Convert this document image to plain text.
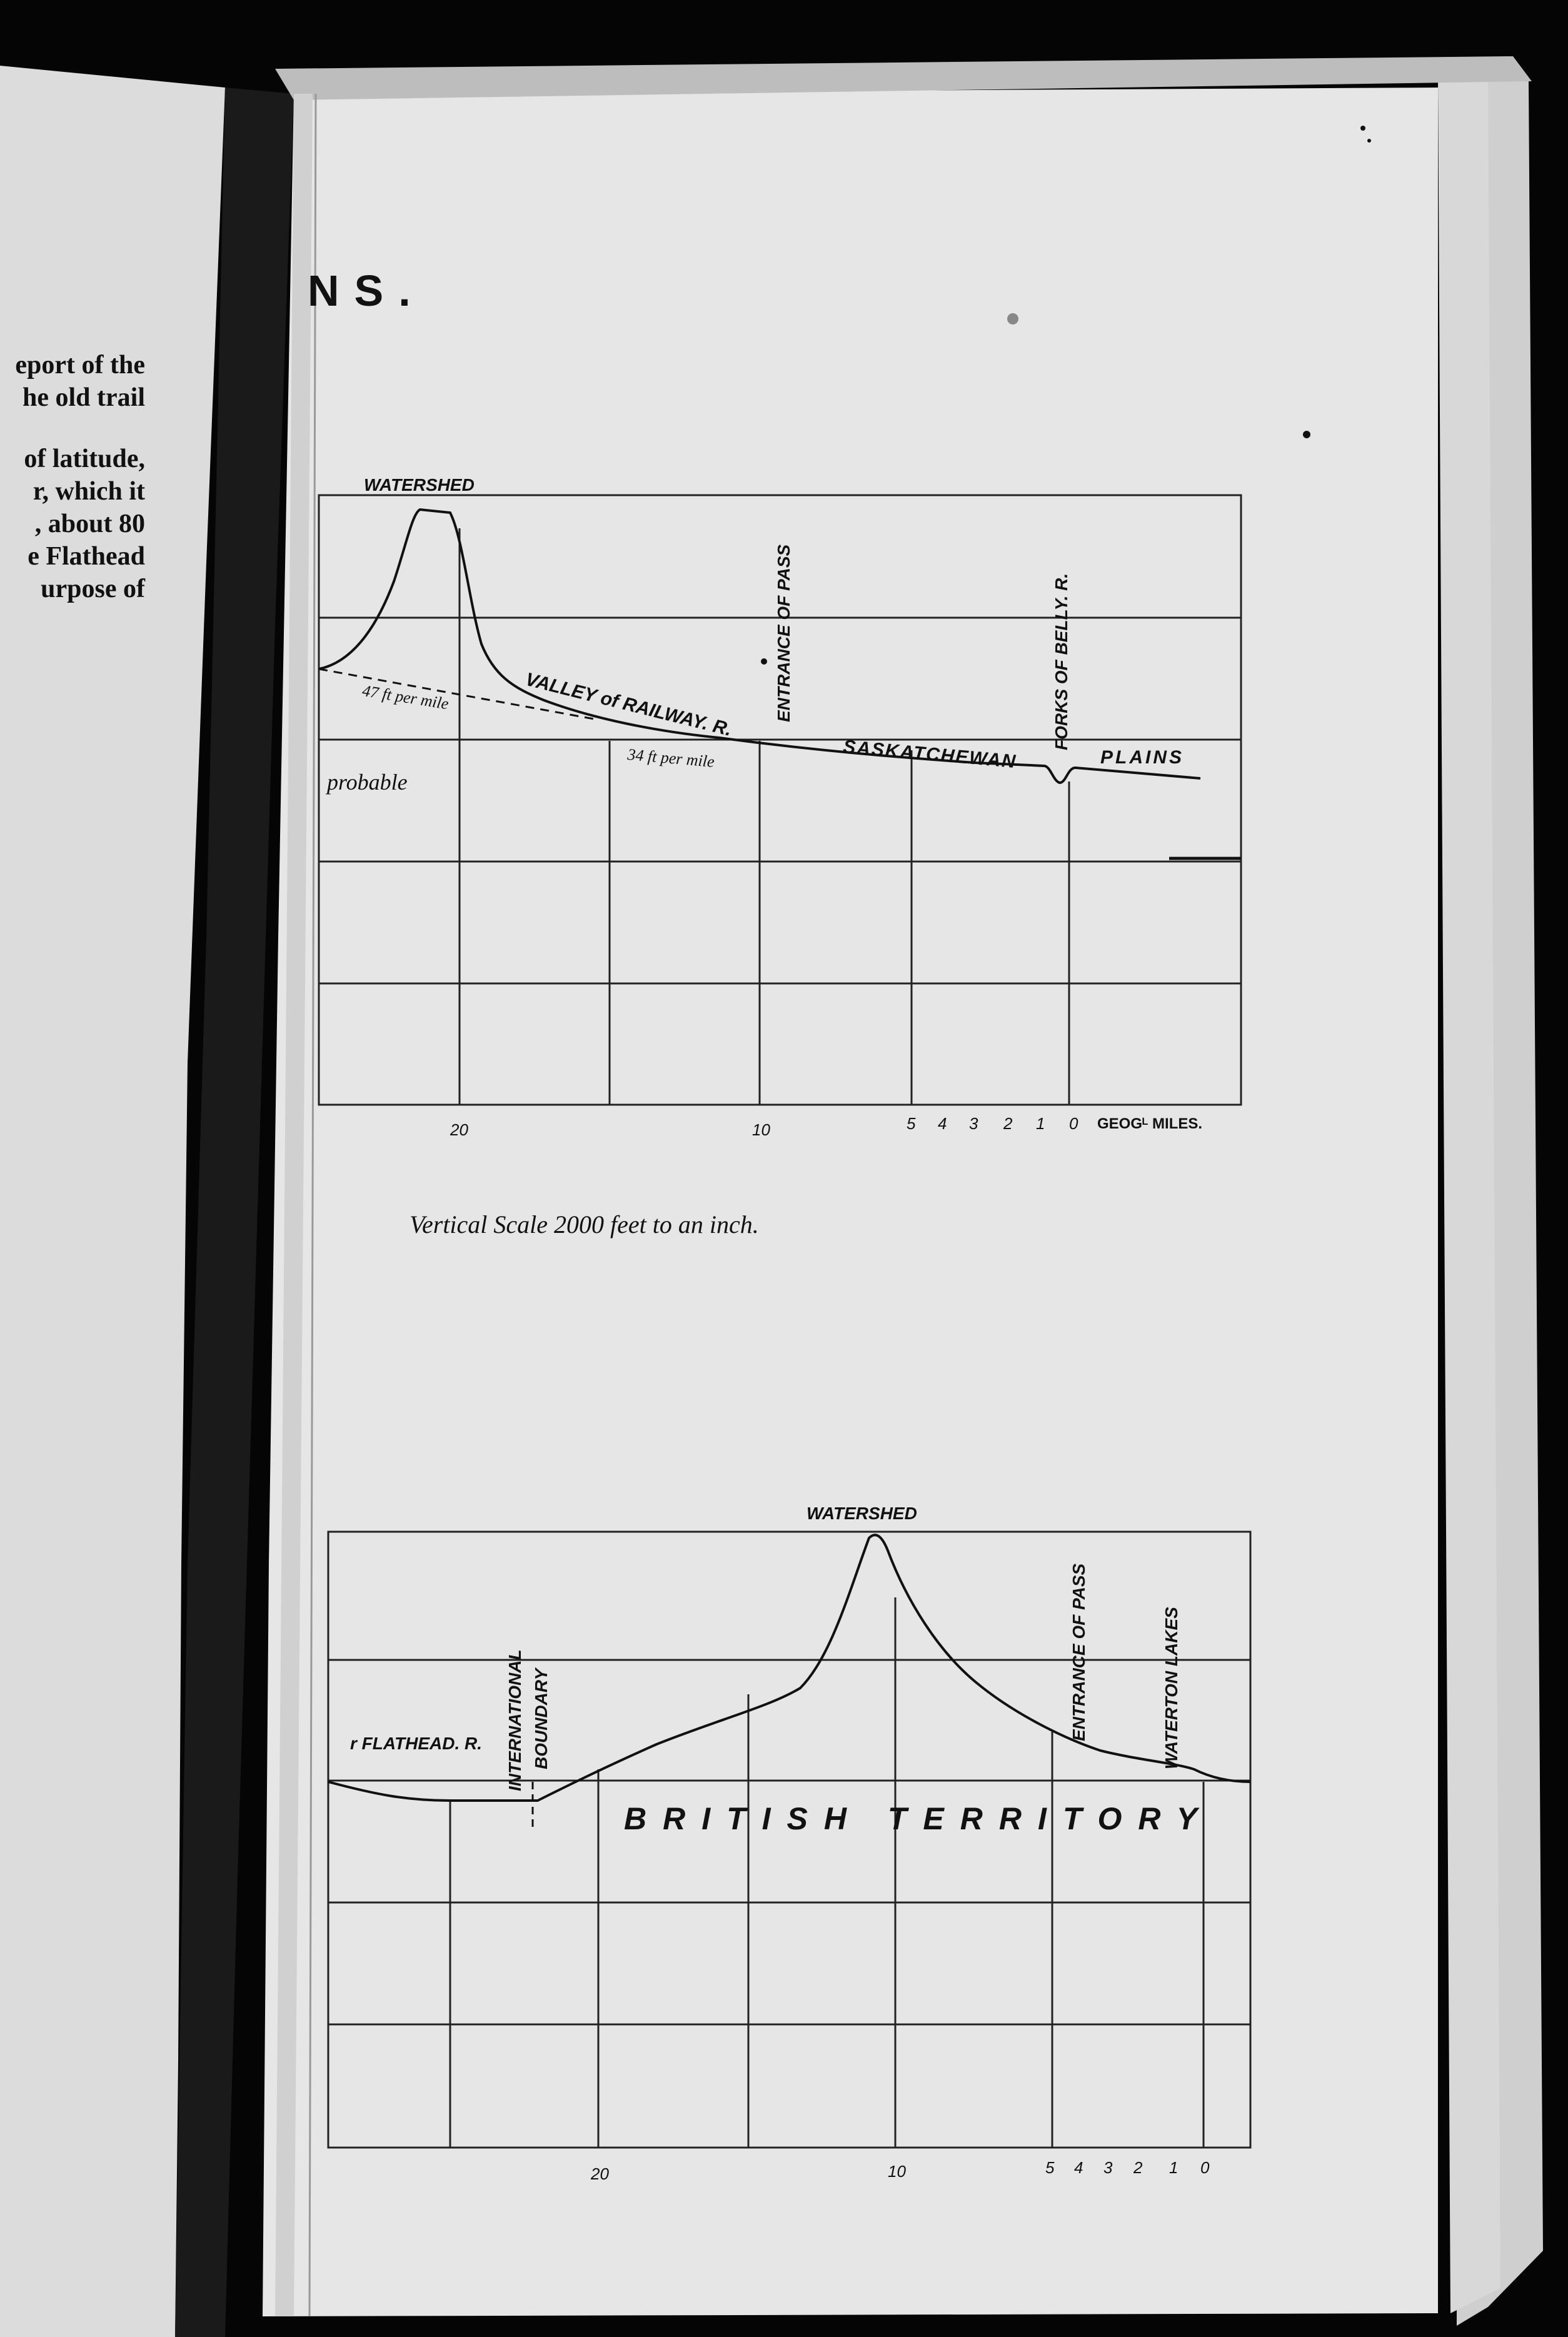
eport of the
he old trail
of latitude,
r, which it
, about 80
e Flathead
urpose of
NS.
WATERSHED
ENTRANCE OF PASS	FORKS OF BELLY. R.
VALLEY of RAILWAY. R.
SASKATCHEWAN	PLAINS
47 ft per mile
34 ft per mile
probable
20	10	5 4 3 2 1 0 GEOGᴸ MILES.
Vertical Scale 2000 feet to an inch.
WATERSHED
ENTRANCE OF PASS	WATERTON LAKES
INTERNATIONAL BOUNDARY
r FLATHEAD. R.
BRITISH TERRITORY
20	10	5 4 3 2 1 0
